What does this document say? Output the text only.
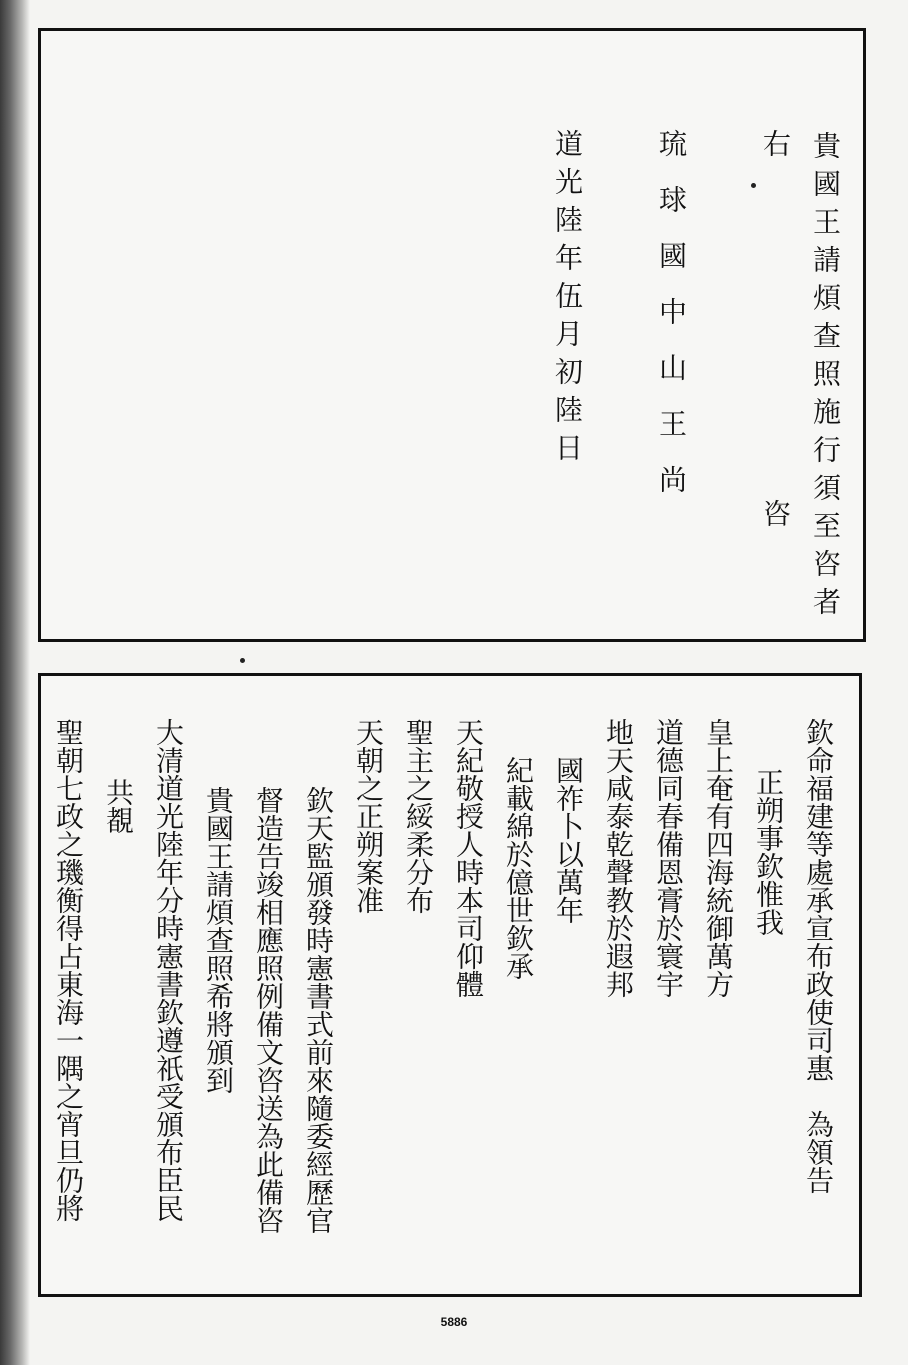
貴國王請煩查照施行須至咨者
咨
右
琉球國中山王尚
道光陸年伍月初陸日
欽命福建等處承宣布政使司惠　為領告
正朔事欽惟我
皇上奄有四海統御萬方
道德同春備恩膏於寰宇
地天咸泰乾聲教於遐邦
國祚卜以萬年
紀載綿於億世欽承
天紀敬授人時本司仰體
聖主之綏柔分布
天朝之正朔案准
欽天監頒發時憲書式前來隨委經歷官
督造告竣相應照例備文咨送為此備咨
貴國王請煩查照希將頒到
大清道光陸年分時憲書欽遵祇受頒布臣民
共覩
聖朝七政之璣衡得占東海一隅之宵旦仍將
5886
